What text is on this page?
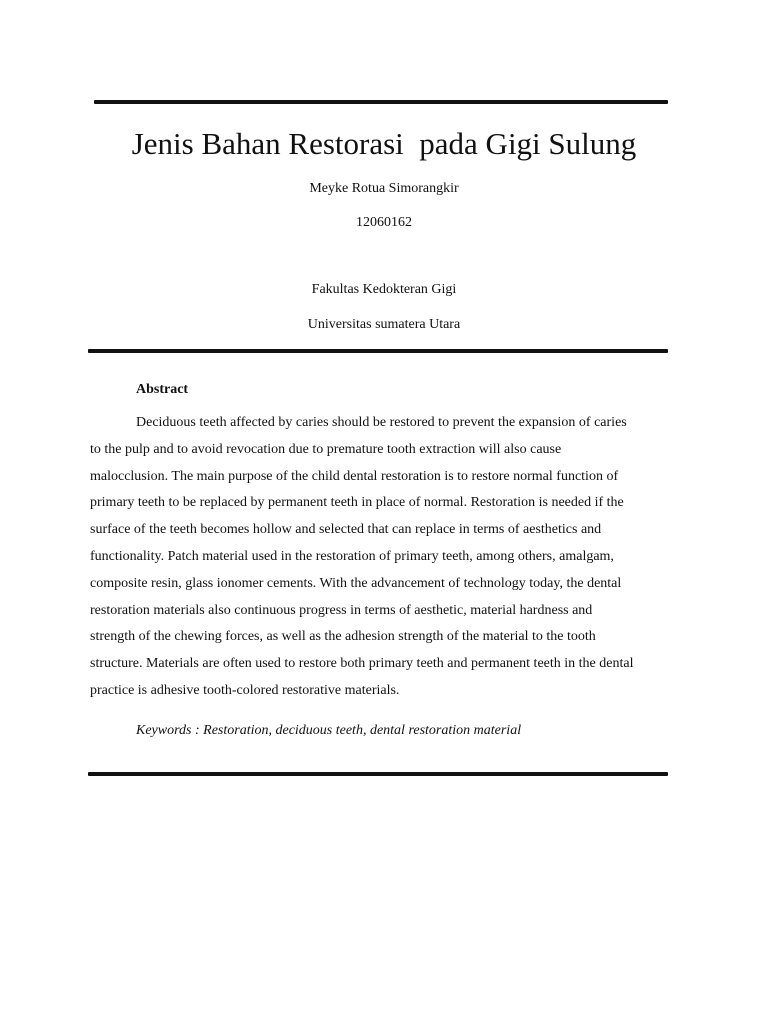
Jenis Bahan Restorasi  pada Gigi Sulung

Meyke Rotua Simorangkir

12060162

Fakultas Kedokteran Gigi

Universitas sumatera Utara

Abstract

Deciduous teeth affected by caries should be restored to prevent the expansion of caries
to the pulp and to avoid revocation due to premature tooth extraction will also cause
malocclusion. The main purpose of the child dental restoration is to restore normal function of
primary teeth to be replaced by permanent teeth in place of normal. Restoration is needed if the
surface of the teeth becomes hollow and selected that can replace in terms of aesthetics and
functionality. Patch material used in the restoration of primary teeth, among others, amalgam,
composite resin, glass ionomer cements. With the advancement of technology today, the dental
restoration materials also continuous progress in terms of aesthetic, material hardness and
strength of the chewing forces, as well as the adhesion strength of the material to the tooth
structure. Materials are often used to restore both primary teeth and permanent teeth in the dental
practice is adhesive tooth-colored restorative materials.

Keywords : Restoration, deciduous teeth, dental restoration material
